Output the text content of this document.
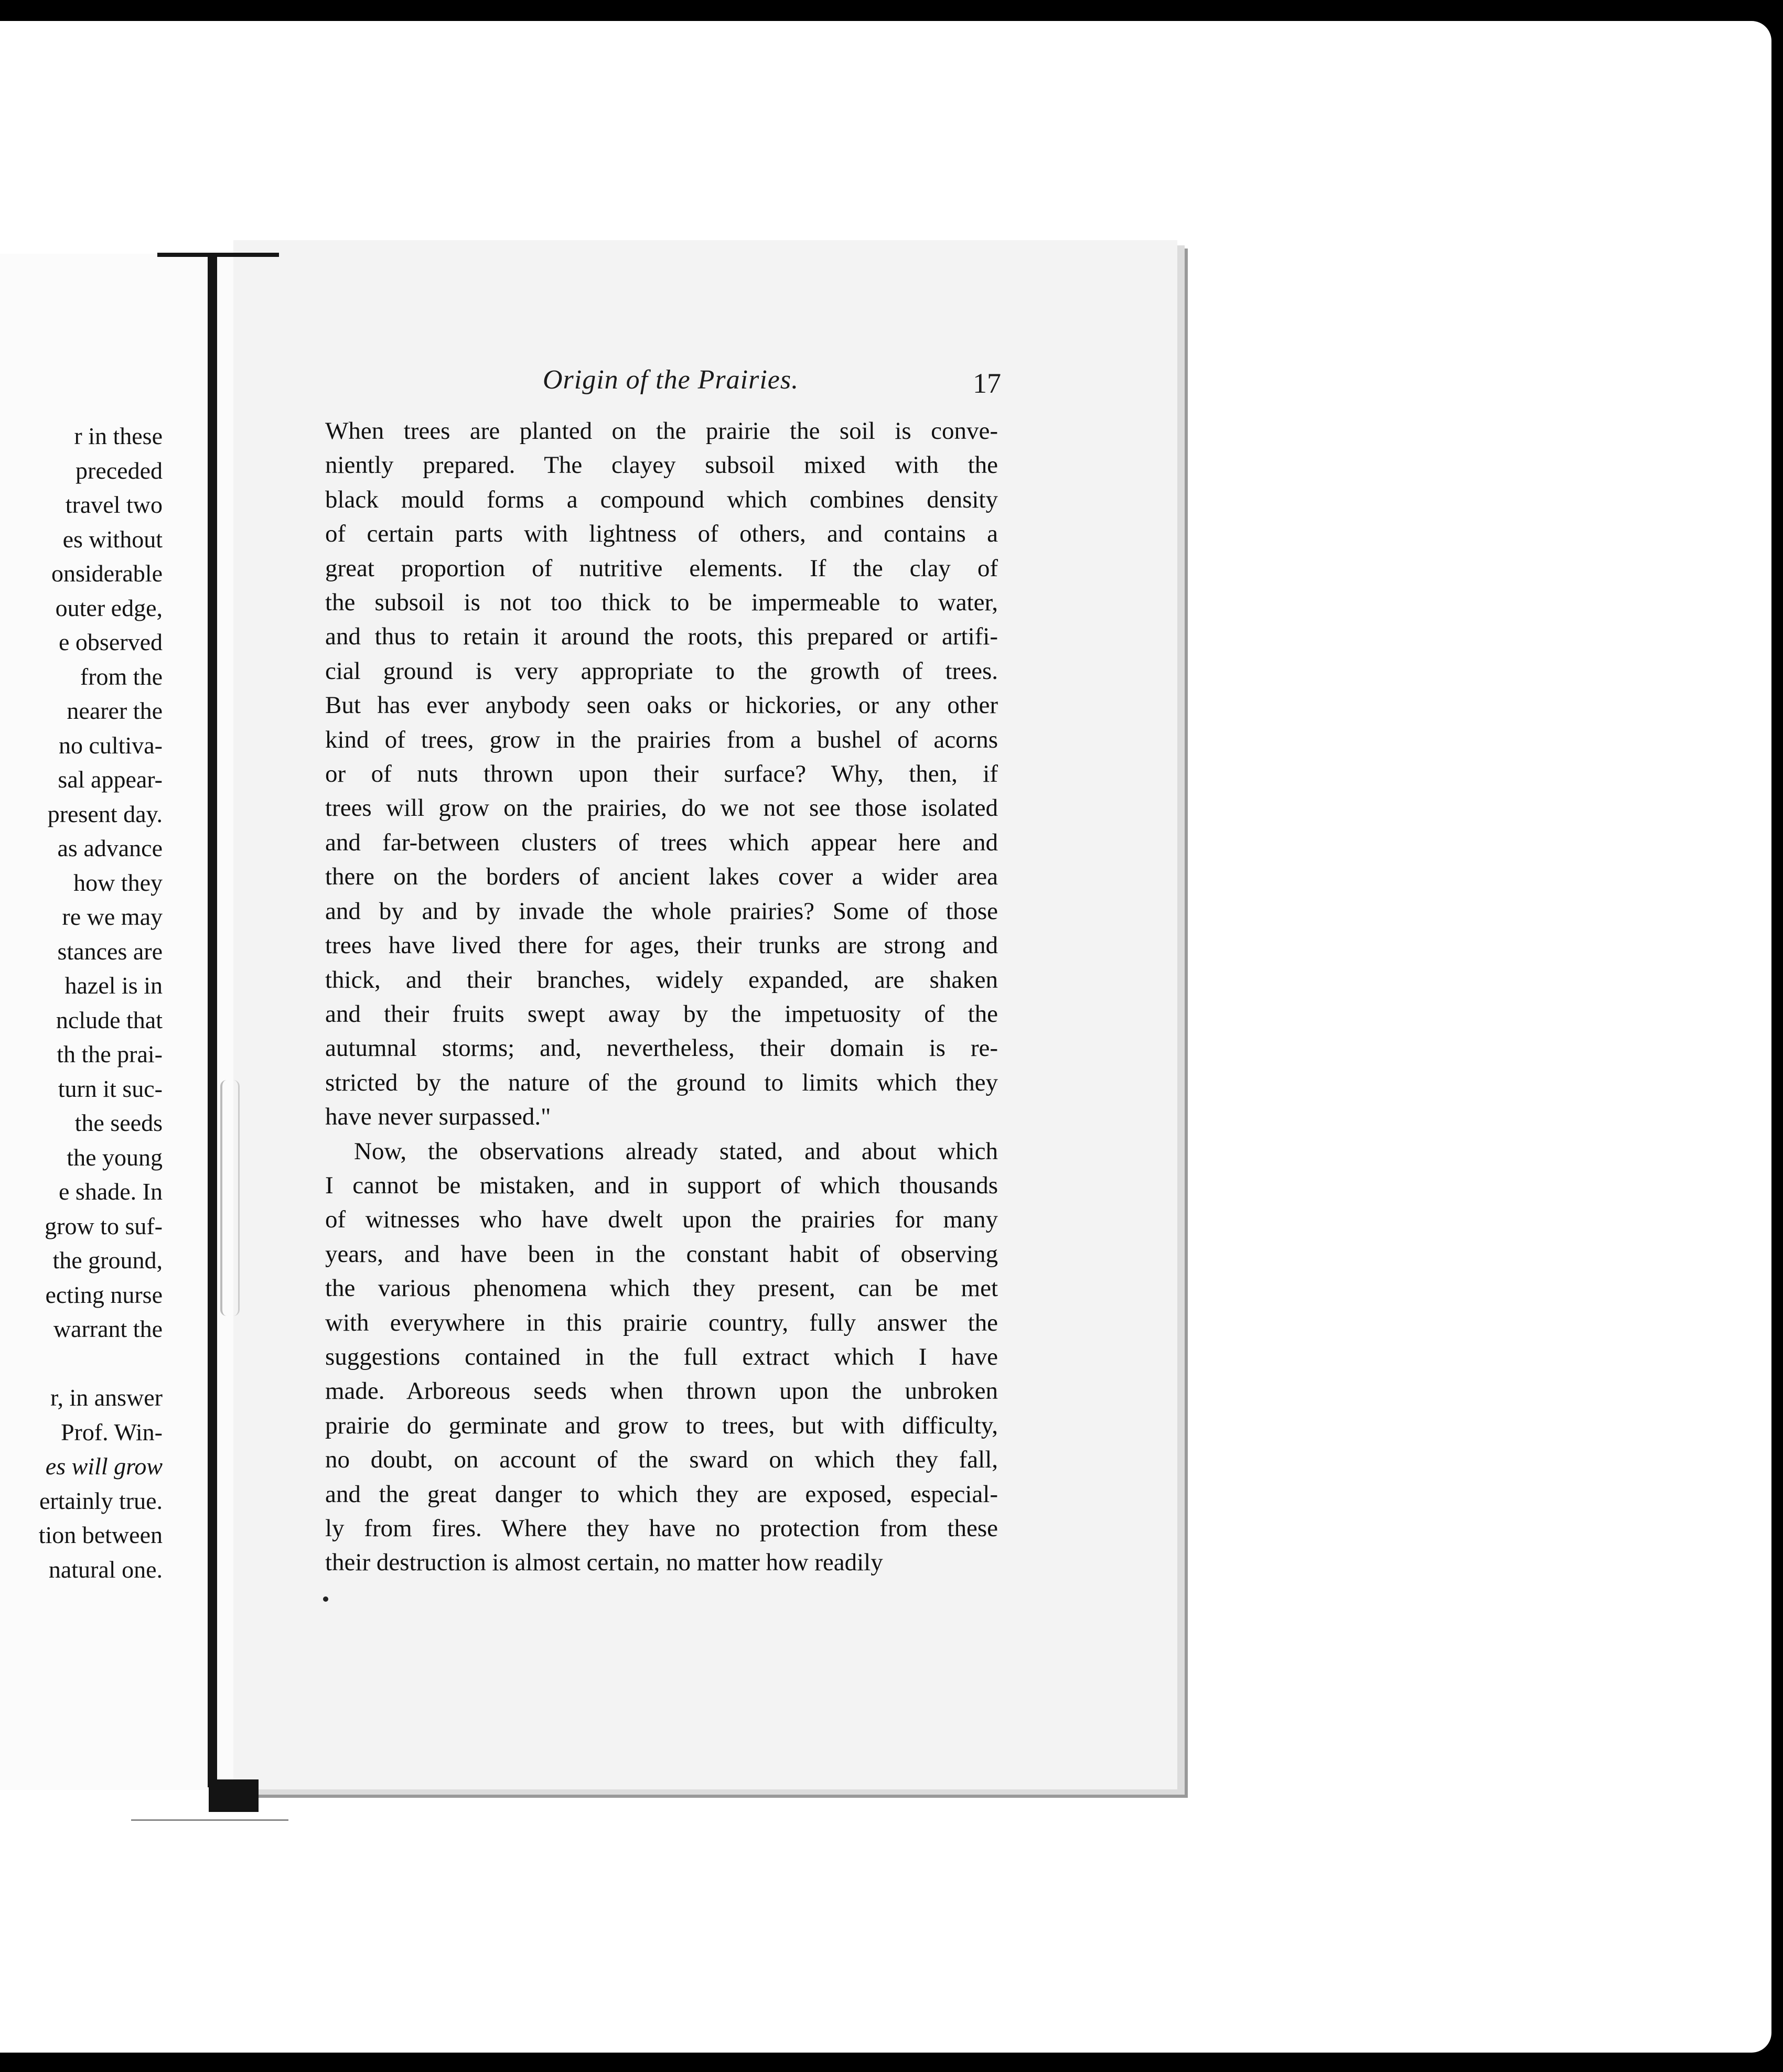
r in these
preceded
travel two
es without
onsiderable
outer edge,
e observed
from the
nearer the
no cultiva-
sal appear-
present day.
as advance
how they
re we may
stances are
hazel is in
nclude that
th the prai-
turn it suc-
the seeds
the young
e shade. In
grow to suf-
the ground,
ecting nurse
warrant the

r, in answer
Prof. Win-
es will grow
ertainly true.
tion between
natural one.
Origin of the Prairies.	17
When trees are planted on the prairie the soil is conve-
niently prepared. The clayey subsoil mixed with the
black mould forms a compound which combines density
of certain parts with lightness of others, and contains a
great proportion of nutritive elements. If the clay of
the subsoil is not too thick to be impermeable to water,
and thus to retain it around the roots, this prepared or artifi-
cial ground is very appropriate to the growth of trees.
But has ever anybody seen oaks or hickories, or any other
kind of trees, grow in the prairies from a bushel of acorns
or of nuts thrown upon their surface? Why, then, if
trees will grow on the prairies, do we not see those isolated
and far-between clusters of trees which appear here and
there on the borders of ancient lakes cover a wider area
and by and by invade the whole prairies? Some of those
trees have lived there for ages, their trunks are strong and
thick, and their branches, widely expanded, are shaken
and their fruits swept away by the impetuosity of the
autumnal storms; and, nevertheless, their domain is re-
stricted by the nature of the ground to limits which they
have never surpassed."
Now, the observations already stated, and about which
I cannot be mistaken, and in support of which thousands
of witnesses who have dwelt upon the prairies for many
years, and have been in the constant habit of observing
the various phenomena which they present, can be met
with everywhere in this prairie country, fully answer the
suggestions contained in the full extract which I have
made. Arboreous seeds when thrown upon the unbroken
prairie do germinate and grow to trees, but with difficulty,
no doubt, on account of the sward on which they fall,
and the great danger to which they are exposed, especial-
ly from fires. Where they have no protection from these
their destruction is almost certain, no matter how readily
